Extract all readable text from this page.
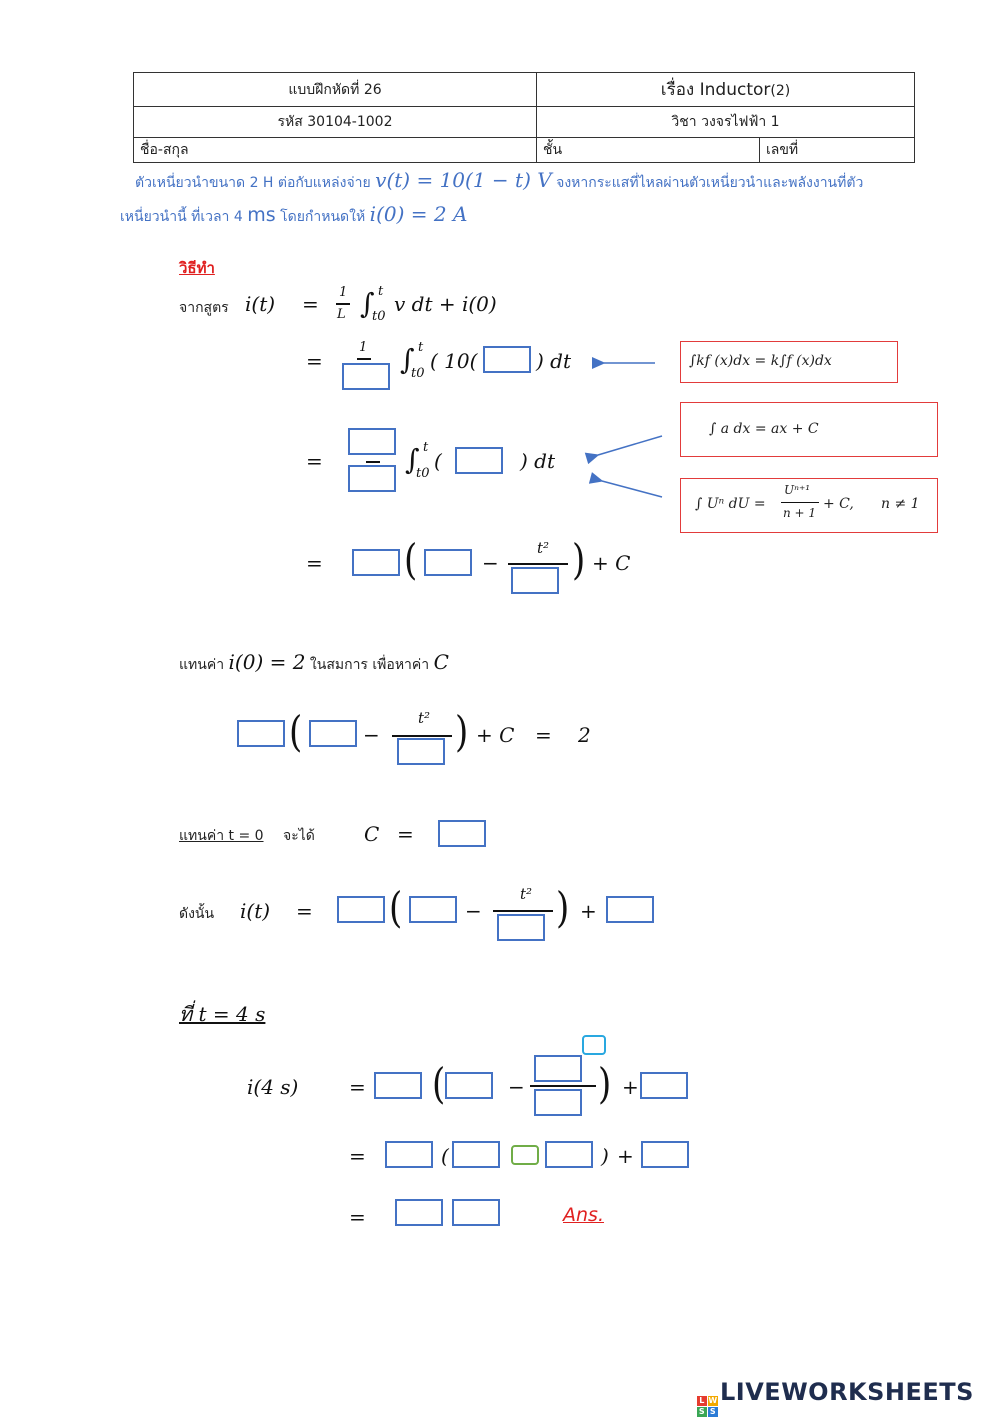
แบบฝึกหัดที่ 26	เรื่อง Inductor(2)	
รหัส 30104-1002	วิชา วงจรไฟฟ้า 1	
ชื่อ-สกุล	ชั้น	เลขที่
ตัวเหนี่ยวนำขนาด 2 H ต่อกับแหล่งจ่าย v(t) = 10(1 − t) V จงหากระแสที่ไหลผ่านตัวเหนี่ยวนำและพลังงานที่ตัว
เหนี่ยวนำนี้ ที่เวลา 4 ms โดยกำหนดให้ i(0) = 2 A
วิธีทำ
จากสูตร i(t) = 1
L ∫ t
t0
v dt + i(0)
=
1 ∫ t
t0
( 10(	) dt
=	∫ t
t0
(	) dt
∫kf (x)dx = k∫f (x)dx
∫ a dx = ax + C
∫ Uⁿ dU =
Uⁿ⁺¹
n + 1
+ C, n ≠ 1
= (	−
t² ) + C
แทนค่า i(0) = 2 ในสมการ เพื่อหาค่า C
(	−
t² ) + C = 2
แทนค่า t = 0 จะได้ C =
ดังนั้น i(t) = (	−
t² ) +
ที่ t = 4 s
i(4 s)	= (	− ) +
=	(	) +
=	Ans.
L W
S S
LIVEWORKSHEETS
